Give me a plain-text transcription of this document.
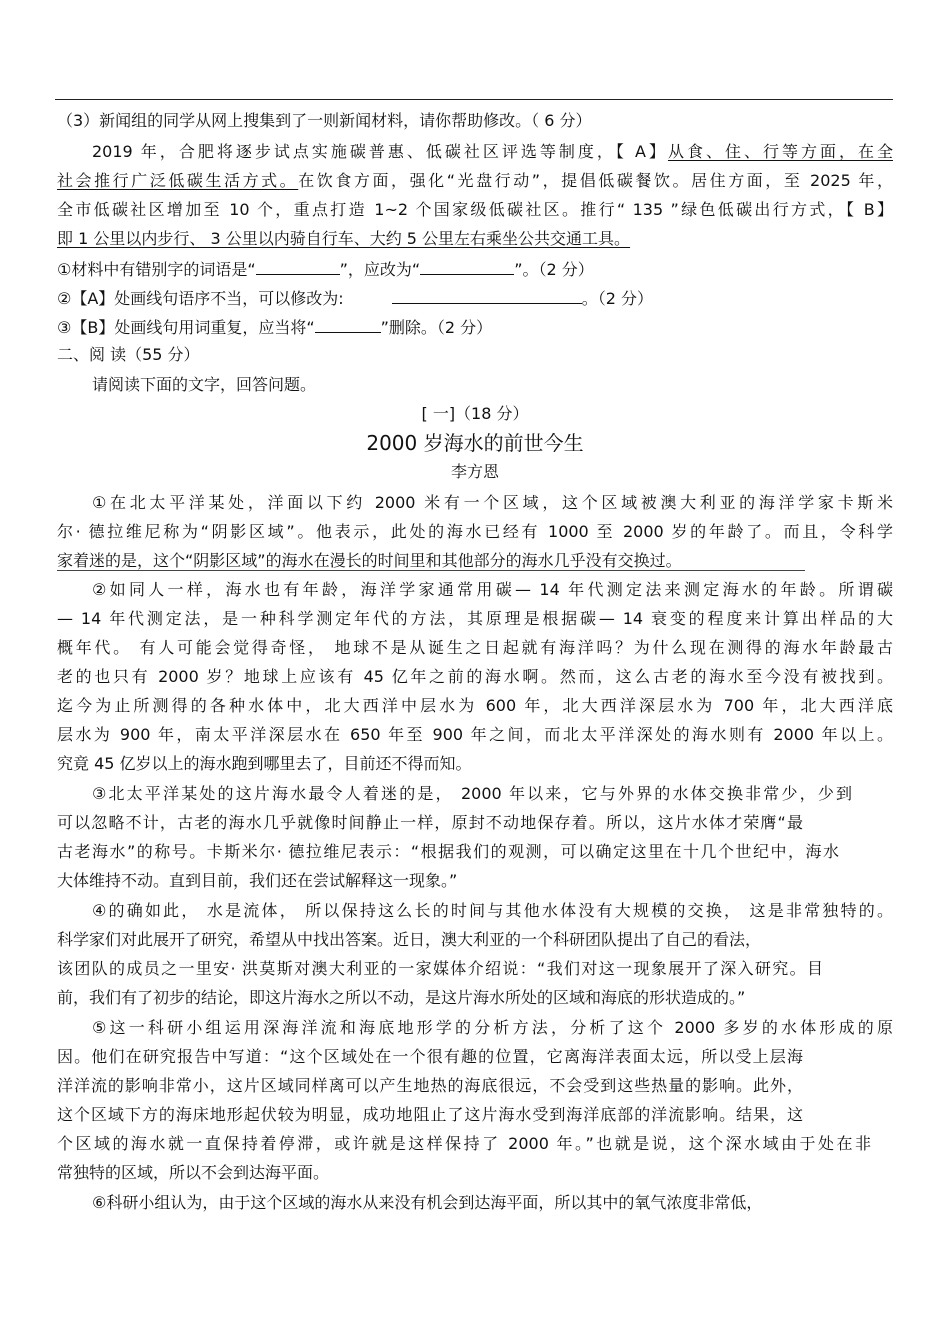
（3）新闻组的同学从网上搜集到了一则新闻材料，请你帮助修改。（ 6 分）
2019 年，合肥将逐步试点实施碳普惠、低碳社区评选等制度，【 A】从食、住、行等方面，在全
社会推行广泛低碳生活方式。在饮食方面，强化“光盘行动”，提倡低碳餐饮。居住方面，至 2025 年，
全市低碳社区增加至 10 个，重点打造 1~2 个国家级低碳社区。推行“ 135 ”绿色低碳出行方式，【 B】
即 1 公里以内步行、 3 公里以内骑自行车、大约 5 公里左右乘坐公共交通工具。
①材料中有错别字的词语是“	”，应改为“	”。（2 分）
②【A】处画线句语序不当，可以修改为:	。（2 分）
③【B】处画线句用词重复，应当将“	”删除。（2 分）
二、阅 读（55 分）
请阅读下面的文字，回答问题。
[ 一]（18 分）
2000 岁海水的前世今生
李方恩
①在北太平洋某处，洋面以下约 2000 米有一个区域，这个区域被澳大利亚的海洋学家卡斯米
尔· 德拉维尼称为“阴影区域”。他表示，此处的海水已经有 1000 至 2000 岁的年龄了。而且，令科学
家着迷的是，这个“阴影区域”的海水在漫长的时间里和其他部分的海水几乎没有交换过。
②如同人一样，海水也有年龄，海洋学家通常用碳— 14 年代测定法来测定海水的年龄。所谓碳
— 14 年代测定法，是一种科学测定年代的方法，其原理是根据碳— 14 衰变的程度来计算出样品的大
概年代。 有人可能会觉得奇怪， 地球不是从诞生之日起就有海洋吗？为什么现在测得的海水年龄最古
老的也只有 2000 岁？地球上应该有 45 亿年之前的海水啊。然而，这么古老的海水至今没有被找到。
迄今为止所测得的各种水体中，北大西洋中层水为 600 年，北大西洋深层水为 700 年，北大西洋底
层水为 900 年，南太平洋深层水在 650 年至 900 年之间，而北太平洋深处的海水则有 2000 年以上。
究竟 45 亿岁以上的海水跑到哪里去了，目前还不得而知。
③北太平洋某处的这片海水最令人着迷的是， 2000 年以来，它与外界的水体交换非常少，少到
可以忽略不计，古老的海水几乎就像时间静止一样，原封不动地保存着。所以，这片水体才荣膺“最
古老海水”的称号。卡斯米尔· 德拉维尼表示：“根据我们的观测，可以确定这里在十几个世纪中，海水
大体维持不动。直到目前，我们还在尝试解释这一现象。”
④的确如此， 水是流体， 所以保持这么长的时间与其他水体没有大规模的交换， 这是非常独特的。
科学家们对此展开了研究，希望从中找出答案。近日，澳大利亚的一个科研团队提出了自己的看法，
该团队的成员之一里安· 洪莫斯对澳大利亚的一家媒体介绍说：“我们对这一现象展开了深入研究。目
前，我们有了初步的结论，即这片海水之所以不动，是这片海水所处的区域和海底的形状造成的。”
⑤这一科研小组运用深海洋流和海底地形学的分析方法，分析了这个 2000 多岁的水体形成的原
因。他们在研究报告中写道：“这个区域处在一个很有趣的位置，它离海洋表面太远，所以受上层海
洋洋流的影响非常小，这片区域同样离可以产生地热的海底很远，不会受到这些热量的影响。此外，
这个区域下方的海床地形起伏较为明显，成功地阻止了这片海水受到海洋底部的洋流影响。结果，这
个区域的海水就一直保持着停滞，或许就是这样保持了 2000 年。”也就是说，这个深水域由于处在非
常独特的区域，所以不会到达海平面。
⑥科研小组认为，由于这个区域的海水从来没有机会到达海平面，所以其中的氧气浓度非常低，
